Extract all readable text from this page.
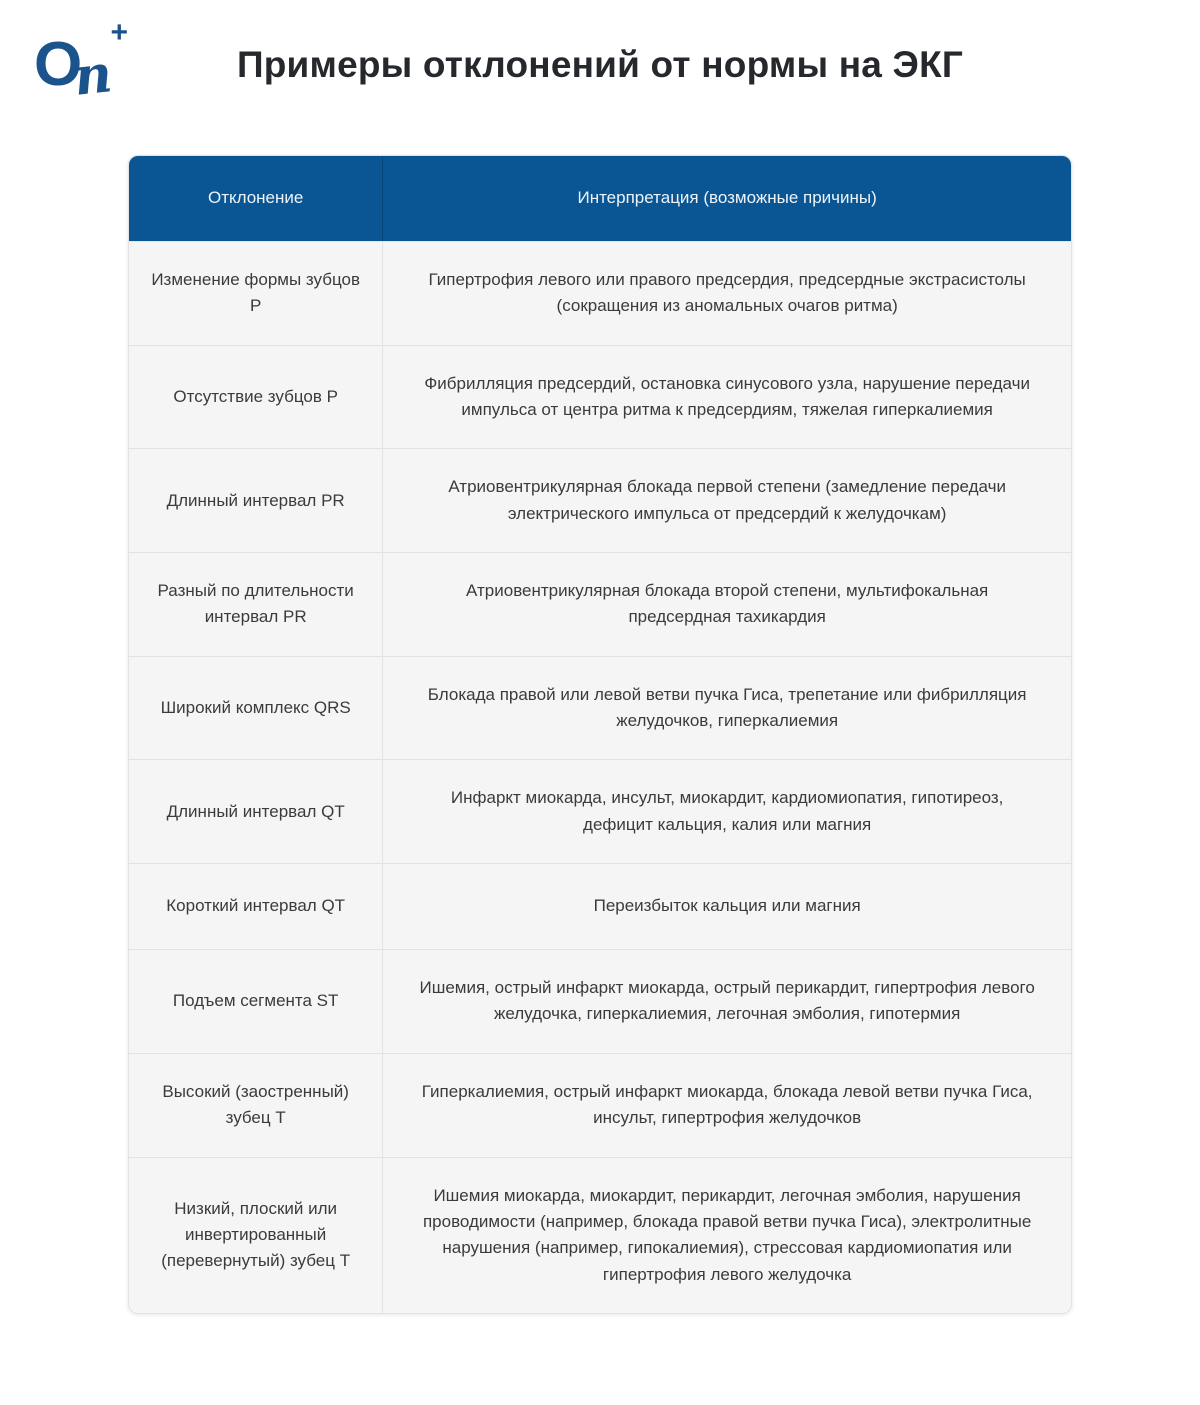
O
n
+
Примеры отклонений от нормы на ЭКГ
Отклонение	Интерпретация (возможные причины)
Изменение формы зубцов P
Гипертрофия левого или правого предсердия, предсердные экстрасистолы (сокращения из аномальных очагов ритма)
Отсутствие зубцов P
Фибрилляция предсердий, остановка синусового узла, нарушение передачи импульса от центра ритма к предсердиям, тяжелая гиперкалиемия
Длинный интервал PR
Атриовентрикулярная блокада первой степени (замедление передачи электрического импульса от предсердий к желудочкам)
Разный по длительности интервал PR
Атриовентрикулярная блокада второй степени, мультифокальная предсердная тахикардия
Широкий комплекс QRS
Блокада правой или левой ветви пучка Гиса, трепетание или фибрилляция желудочков, гиперкалиемия
Длинный интервал QT
Инфаркт миокарда, инсульт, миокардит, кардиомиопатия, гипотиреоз, дефицит кальция, калия или магния
Короткий интервал QT	Переизбыток кальция или магния
Подъем сегмента ST
Ишемия, острый инфаркт миокарда, острый перикардит, гипертрофия левого желудочка, гиперкалиемия, легочная эмболия, гипотермия
Высокий (заостренный) зубец T
Гиперкалиемия, острый инфаркт миокарда, блокада левой ветви пучка Гиса, инсульт, гипертрофия желудочков
Низкий, плоский или инвертированный (перевернутый) зубец T
Ишемия миокарда, миокардит, перикардит, легочная эмболия, нарушения проводимости (например, блокада правой ветви пучка Гиса), электролитные нарушения (например, гипокалиемия), стрессовая кардиомиопатия или гипертрофия левого желудочка
